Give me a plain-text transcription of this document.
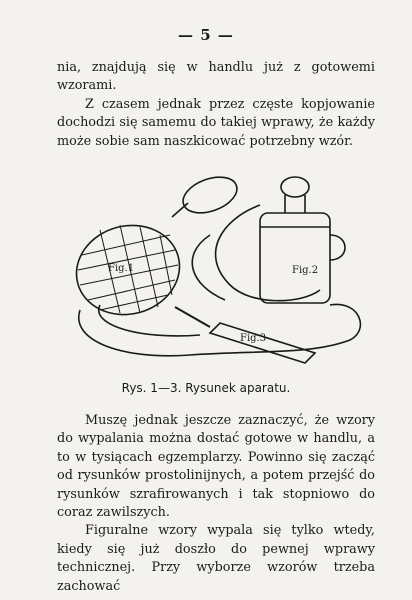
— 5 —

nia, znajdują się w handlu już z gotowemi wzorami.

Z czasem jednak przez częste kopjowanie dochodzi się samemu do takiej wprawy, że każdy może sobie sam naszkicować potrzebny wzór.

Fig.1	Fig.2
Fig.3
Rys. 1—3. Rysunek aparatu.

Muszę jednak jeszcze zaznaczyć, że wzory do wypalania można dostać gotowe w handlu, a to w tysiącach egzemplarzy. Powinno się zacząć od rysunków prostolinijnych, a potem przejść do rysunków szrafirowanych i tak stopniowo do coraz zawilszych.

Figuralne wzory wypala się tylko wtedy, kiedy się już doszło do pewnej wprawy technicznej. Przy wyborze wzorów trzeba zachować
